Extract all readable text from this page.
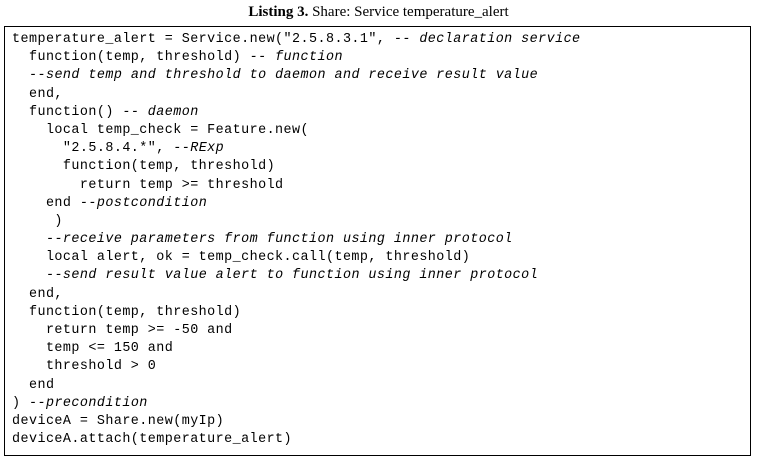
Listing 3. Share: Service temperature_alert
temperature_alert = Service.new("2.5.8.3.1", -- declaration service
function(temp, threshold) -- function
--send temp and threshold to daemon and receive result value
end,
function() -- daemon
local temp_check = Feature.new(
"2.5.8.4.*", --RExp
function(temp, threshold)
return temp >= threshold
end --postcondition
)
--receive parameters from function using inner protocol
local alert, ok = temp_check.call(temp, threshold)
--send result value alert to function using inner protocol
end,
function(temp, threshold)
return temp >= -50 and
temp <= 150 and
threshold > 0
end
) --precondition
deviceA = Share.new(myIp)
deviceA.attach(temperature_alert)
